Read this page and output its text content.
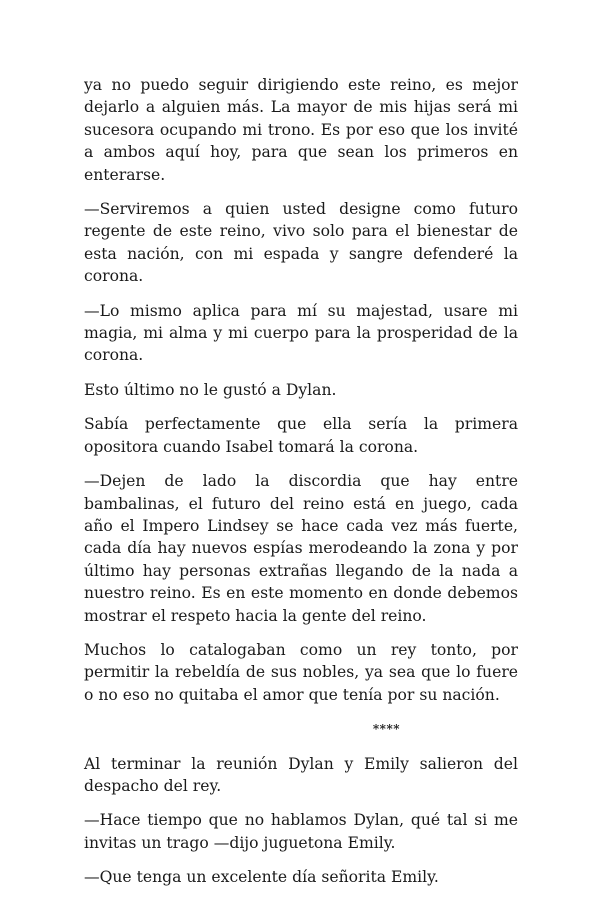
ya no puedo seguir dirigiendo este reino, es mejor dejarlo a alguien más. La mayor de mis hijas será mi sucesora ocupando mi trono. Es por eso que los invité a ambos aquí hoy, para que sean los primeros en enterarse.

—Serviremos a quien usted designe como futuro regente de este reino, vivo solo para el bienestar de esta nación, con mi espada y sangre defenderé la corona.

—Lo mismo aplica para mí su majestad, usare mi magia, mi alma y mi cuerpo para la prosperidad de la corona.

Esto último no le gustó a Dylan.

Sabía perfectamente que ella sería la primera opositora cuando Isabel tomará la corona.

—Dejen de lado la discordia que hay entre bambalinas, el futuro del reino está en juego, cada año el Impero Lindsey se hace cada vez más fuerte, cada día hay nuevos espías merodeando la zona y por último hay personas extrañas llegando de la nada a nuestro reino. Es en este momento en donde debemos mostrar el respeto hacia la gente del reino.

Muchos lo catalogaban como un rey tonto, por permitir la rebeldía de sus nobles, ya sea que lo fuere o no eso no quitaba el amor que tenía por su nación.

****

Al terminar la reunión Dylan y Emily salieron del despacho del rey.

—Hace tiempo que no hablamos Dylan, qué tal si me invitas un trago —dijo juguetona Emily.

—Que tenga un excelente día señorita Emily.
